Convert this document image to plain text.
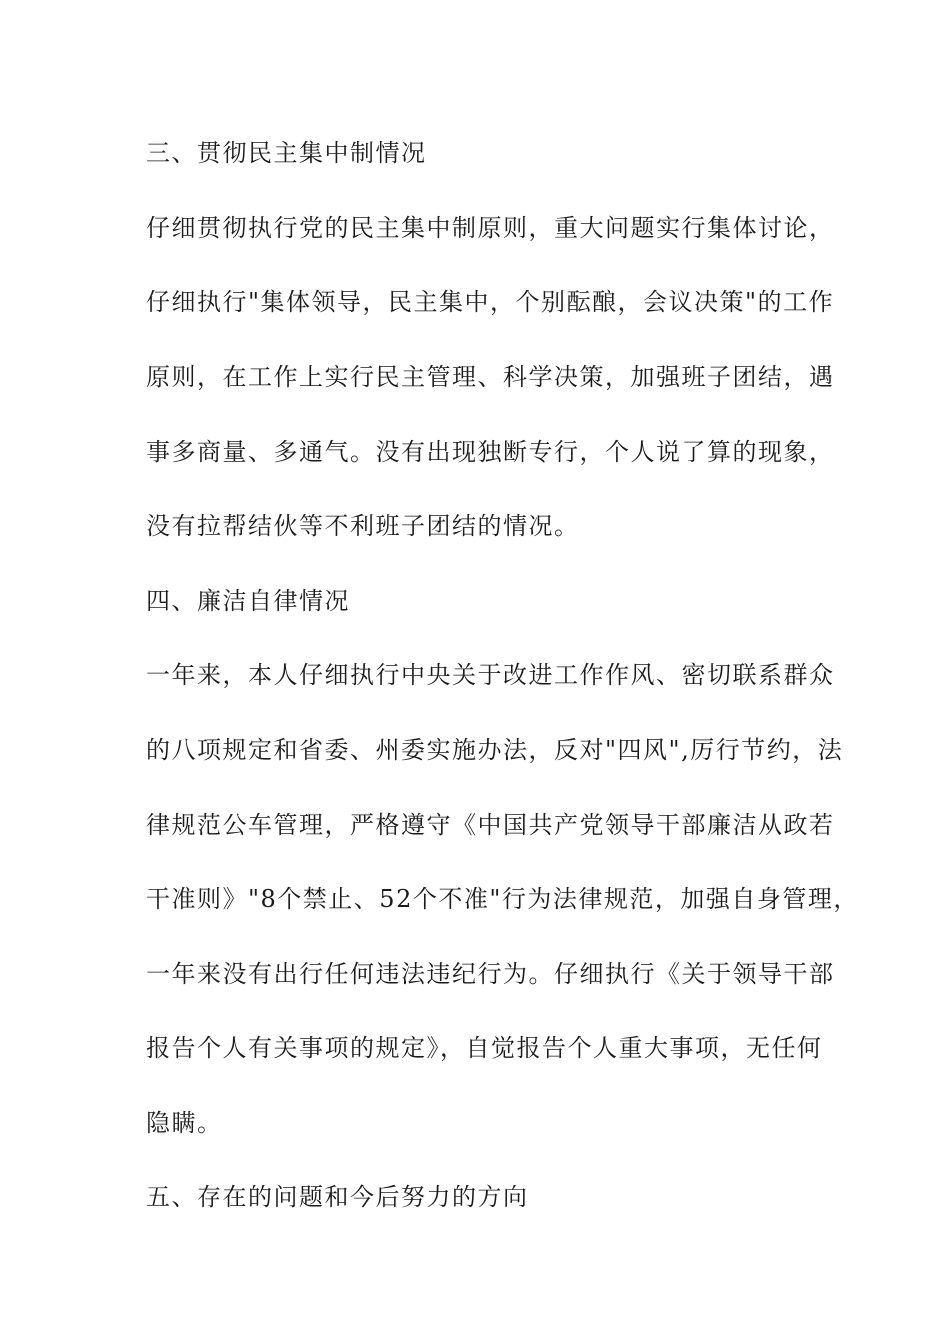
三、贯彻民主集中制情况

仔细贯彻执行党的民主集中制原则，重大问题实行集体讨论，

仔细执行"集体领导，民主集中，个别酝酿，会议决策"的工作

原则，在工作上实行民主管理、科学决策，加强班子团结，遇

事多商量、多通气。没有出现独断专行，个人说了算的现象，

没有拉帮结伙等不利班子团结的情况。

四、廉洁自律情况

一年来，本人仔细执行中央关于改进工作作风、密切联系群众

的八项规定和省委、州委实施办法，反对"四风",厉行节约，法

律规范公车管理，严格遵守《中国共产党领导干部廉洁从政若

干准则》"8个禁止、52个不准"行为法律规范，加强自身管理，

一年来没有出行任何违法违纪行为。仔细执行《关于领导干部

报告个人有关事项的规定》，自觉报告个人重大事项，无任何

隐瞒。

五、存在的问题和今后努力的方向
